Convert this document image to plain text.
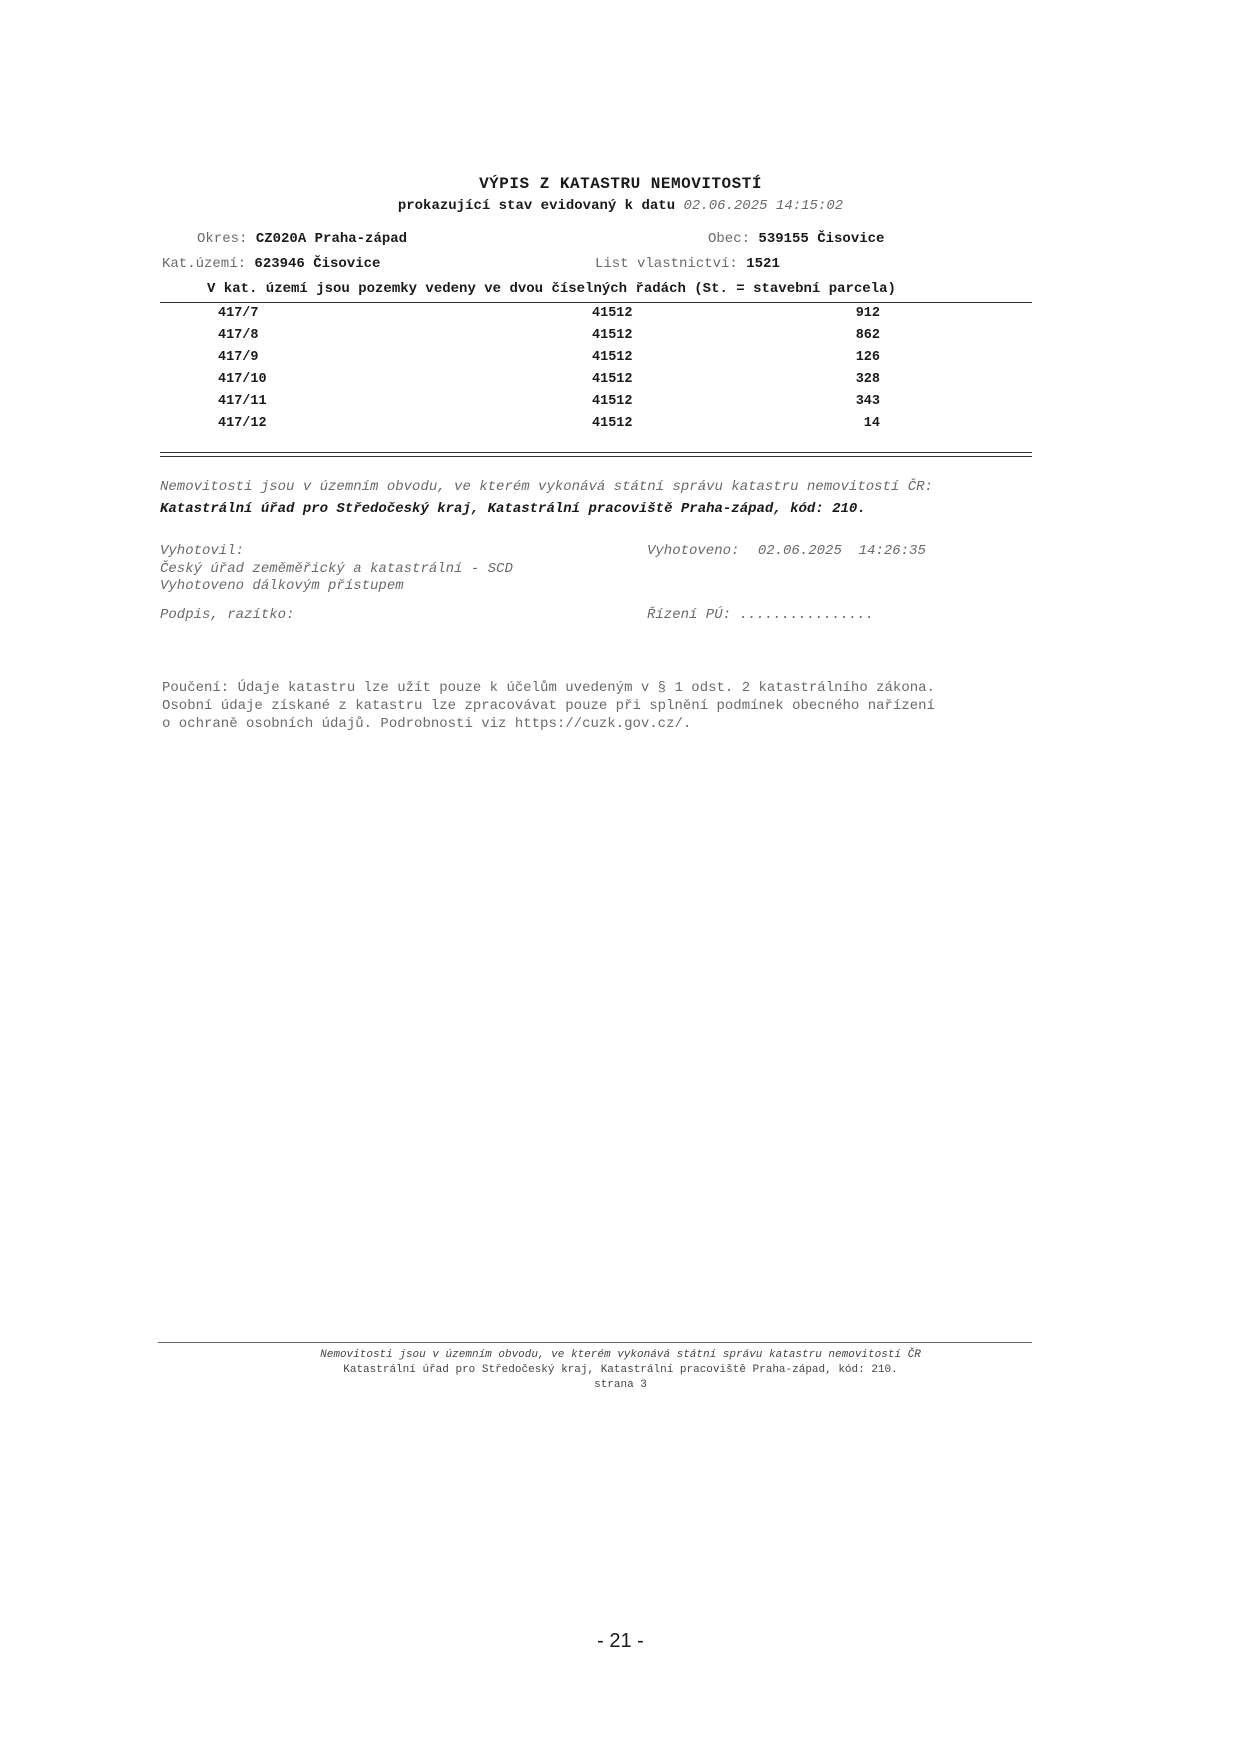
VÝPIS Z KATASTRU NEMOVITOSTÍ
prokazující stav evidovaný k datu 02.06.2025 14:15:02
Okres: CZ020A Praha-západ	Obec: 539155 Čisovice
Kat.území: 623946 Čisovice	List vlastnictví: 1521
V kat. území jsou pozemky vedeny ve dvou číselných řadách (St. = stavební parcela)
417/7	41512	912
417/8	41512	862
417/9	41512	126
417/10	41512	328
417/11	41512	343
417/12	41512	14
Nemovitosti jsou v územním obvodu, ve kterém vykonává státní správu katastru nemovitostí ČR:
Katastrální úřad pro Středočeský kraj, Katastrální pracoviště Praha-západ, kód: 210.
Vyhotovil:
Český úřad zeměměřický a katastrální - SCD
Vyhotoveno dálkovým přístupem
Vyhotoveno: 02.06.2025  14:26:35
Podpis, razítko:	Řízení PÚ: ................
Poučení: Údaje katastru lze užít pouze k účelům uvedeným v § 1 odst. 2 katastrálního zákona.
Osobní údaje získané z katastru lze zpracovávat pouze při splnění podmínek obecného nařízení
o ochraně osobních údajů. Podrobnosti viz https://cuzk.gov.cz/.
Nemovitosti jsou v územním obvodu, ve kterém vykonává státní správu katastru nemovitostí ČR
Katastrální úřad pro Středočeský kraj, Katastrální pracoviště Praha-západ, kód: 210.
strana 3
- 21 -
